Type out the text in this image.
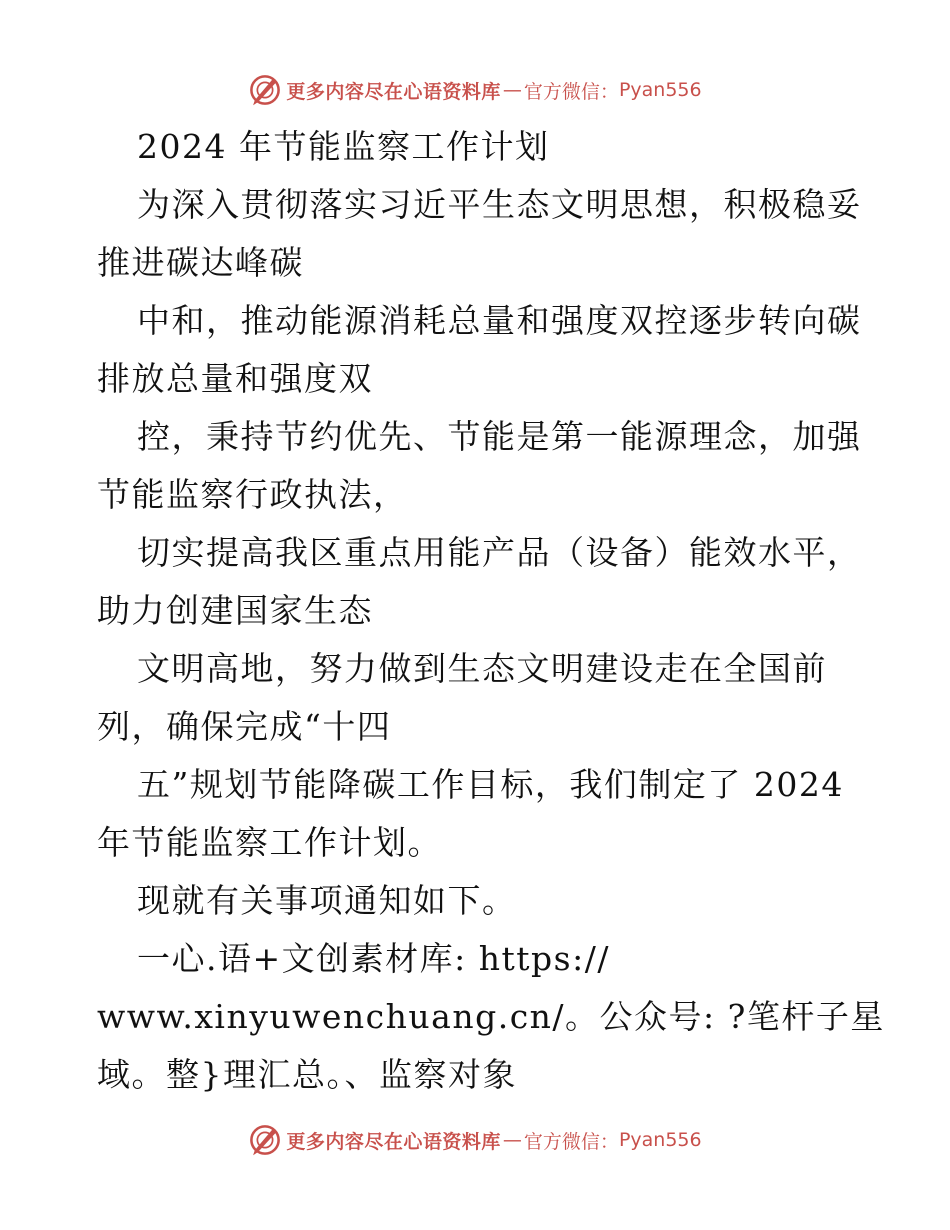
更多内容尽在心语资料库 — 官方微信： Pyan556

2024 年节能监察工作计划

为深入贯彻落实习近平生态文明思想，积极稳妥

推进碳达峰碳

中和，推动能源消耗总量和强度双控逐步转向碳

排放总量和强度双

控，秉持节约优先、节能是第一能源理念，加强

节能监察行政执法，

切实提高我区重点用能产品（设备）能效水平，

助力创建国家生态

文明高地，努力做到生态文明建设走在全国前

列，确保完成“十四

五”规划节能降碳工作目标，我们制定了 2024

年节能监察工作计划。

现就有关事项通知如下。

一心.语+文创素材库: https://

www.xinyuwenchuang.cn/。公众号: ?笔杆子星

域。整}理汇总。、监察对象

更多内容尽在心语资料库 — 官方微信： Pyan556
